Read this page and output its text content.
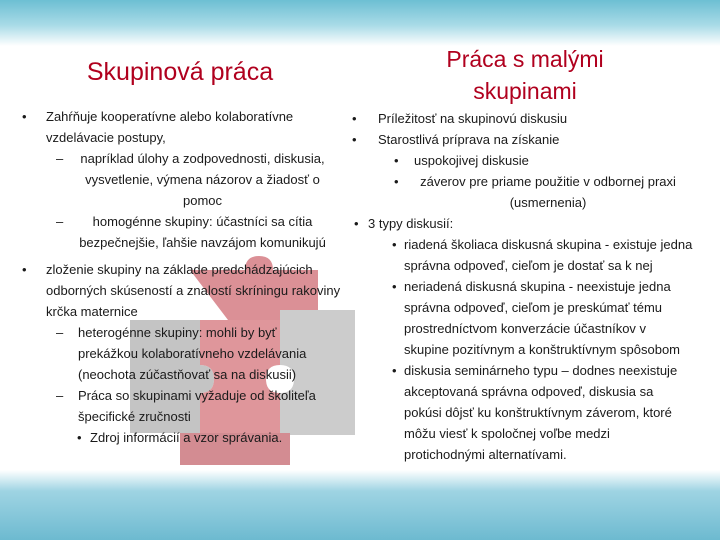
Skupinová práca	Práca s malými skupinami
• Zahŕňuje kooperatívne alebo kolaboratívne vzdelávacie postupy,
– napríklad úlohy a zodpovednosti, diskusia, vysvetlenie, výmena názorov a žiadosť o pomoc
– homogénne skupiny: účastníci sa cítia bezpečnejšie, ľahšie navzájom komunikujú
• zloženie skupiny na základe predchádzajúcich odborných skúseností a znalostí skríningu rakoviny krčka maternice
– heterogénne skupiny: mohli by byť prekážkou kolaboratívneho vzdelávania (neochota zúčastňovať sa na diskusii)
– Práca so skupinami vyžaduje od školiteľa špecifické zručnosti
• Zdroj informácií a vzor správania.
• Príležitosť na skupinovú diskusiu
• Starostlivá príprava na získanie
• uspokojivej diskusie
• záverov pre priame použitie v odbornej praxi (usmernenia)
• 3 typy diskusií:
• riadená školiaca diskusná skupina - existuje jedna správna odpoveď, cieľom je dostať sa k nej
• neriadená diskusná skupina - neexistuje jedna správna odpoveď, cieľom je preskúmať tému prostredníctvom konverzácie účastníkov v skupine pozitívnym a konštruktívnym spôsobom
• diskusia seminárneho typu – dodnes neexistuje akceptovaná správna odpoveď, diskusia sa pokúsi dôjsť ku konštruktívnym záverom, ktoré môžu viesť k spoločnej voľbe medzi protichodnými alternatívami.
